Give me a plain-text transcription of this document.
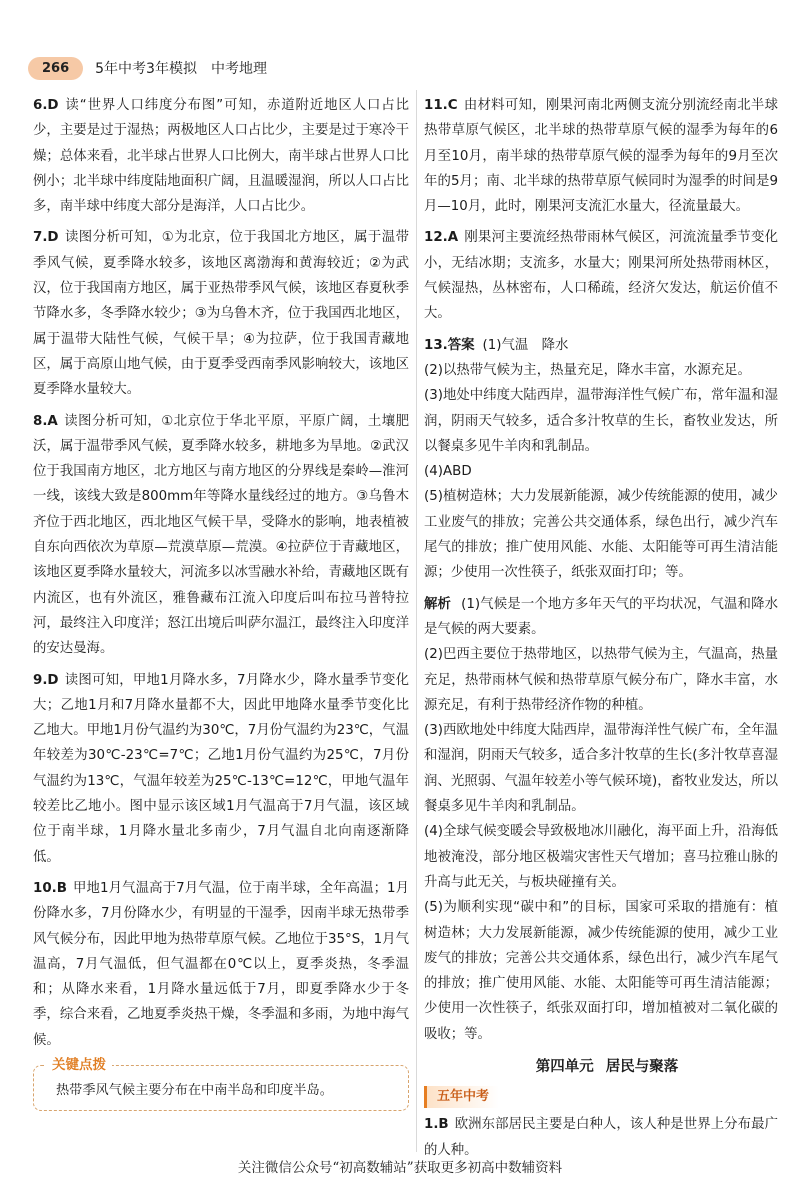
266	5年中考3年模拟 中考地理

6.D 读“世界人口纬度分布图”可知，赤道附近地区人口占比少，主要是过于湿热；两极地区人口占比少，主要是过于寒冷干燥；总体来看，北半球占世界人口比例大，南半球占世界人口比例小；北半球中纬度陆地面积广阔，且温暖湿润，所以人口占比多，南半球中纬度大部分是海洋，人口占比少。

7.D 读图分析可知，①为北京，位于我国北方地区，属于温带季风气候，夏季降水较多，该地区离渤海和黄海较近；②为武汉，位于我国南方地区，属于亚热带季风气候，该地区春夏秋季节降水多，冬季降水较少；③为乌鲁木齐，位于我国西北地区，属于温带大陆性气候，气候干旱；④为拉萨，位于我国青藏地区，属于高原山地气候，由于夏季受西南季风影响较大，该地区夏季降水量较大。

8.A 读图分析可知，①北京位于华北平原，平原广阔，土壤肥沃，属于温带季风气候，夏季降水较多，耕地多为旱地。②武汉位于我国南方地区，北方地区与南方地区的分界线是秦岭—淮河一线，该线大致是800mm年等降水量线经过的地方。③乌鲁木齐位于西北地区，西北地区气候干旱，受降水的影响，地表植被自东向西依次为草原—荒漠草原—荒漠。④拉萨位于青藏地区，该地区夏季降水量较大，河流多以冰雪融水补给，青藏地区既有内流区，也有外流区，雅鲁藏布江流入印度后叫布拉马普特拉河，最终注入印度洋；怒江出境后叫萨尔温江，最终注入印度洋的安达曼海。

9.D 读图可知，甲地1月降水多，7月降水少，降水量季节变化大；乙地1月和7月降水量都不大，因此甲地降水量季节变化比乙地大。甲地1月份气温约为30℃，7月份气温约为23℃，气温年较差为30℃-23℃=7℃；乙地1月份气温约为25℃，7月份气温约为13℃，气温年较差为25℃-13℃=12℃，甲地气温年较差比乙地小。图中显示该区域1月气温高于7月气温，该区域位于南半球，1月降水量北多南少，7月气温自北向南逐渐降低。

10.B 甲地1月气温高于7月气温，位于南半球，全年高温；1月份降水多，7月份降水少，有明显的干湿季，因南半球无热带季风气候分布，因此甲地为热带草原气候。乙地位于35°S，1月气温高，7月气温低，但气温都在0℃以上，夏季炎热，冬季温和；从降水来看，1月降水量远低于7月，即夏季降水少于冬季，综合来看，乙地夏季炎热干燥，冬季温和多雨，为地中海气候。

关键点拨
热带季风气候主要分布在中南半岛和印度半岛。

11.C 由材料可知，刚果河南北两侧支流分别流经南北半球热带草原气候区，北半球的热带草原气候的湿季为每年的6月至10月，南半球的热带草原气候的湿季为每年的9月至次年的5月；南、北半球的热带草原气候同时为湿季的时间是9月—10月，此时，刚果河支流汇水量大，径流量最大。

12.A 刚果河主要流经热带雨林气候区，河流流量季节变化小，无结冰期；支流多，水量大；刚果河所处热带雨林区，气候湿热，丛林密布，人口稀疏，经济欠发达，航运价值不大。

13.答案 (1)气温　降水

(2)以热带气候为主，热量充足，降水丰富，水源充足。

(3)地处中纬度大陆西岸，温带海洋性气候广布，常年温和湿润，阴雨天气较多，适合多汁牧草的生长，畜牧业发达，所以餐桌多见牛羊肉和乳制品。

(4)ABD

(5)植树造林；大力发展新能源，减少传统能源的使用，减少工业废气的排放；完善公共交通体系，绿色出行，减少汽车尾气的排放；推广使用风能、水能、太阳能等可再生清洁能源；少使用一次性筷子，纸张双面打印；等。

解析 (1)气候是一个地方多年天气的平均状况，气温和降水是气候的两大要素。

(2)巴西主要位于热带地区，以热带气候为主，气温高，热量充足，热带雨林气候和热带草原气候分布广，降水丰富，水源充足，有利于热带经济作物的种植。

(3)西欧地处中纬度大陆西岸，温带海洋性气候广布，全年温和湿润，阴雨天气较多，适合多汁牧草的生长(多汁牧草喜湿润、光照弱、气温年较差小等气候环境)，畜牧业发达，所以餐桌多见牛羊肉和乳制品。

(4)全球气候变暖会导致极地冰川融化，海平面上升，沿海低地被淹没，部分地区极端灾害性天气增加；喜马拉雅山脉的升高与此无关，与板块碰撞有关。

(5)为顺利实现“碳中和”的目标，国家可采取的措施有：植树造林；大力发展新能源，减少传统能源的使用，减少工业废气的排放；完善公共交通体系，绿色出行，减少汽车尾气的排放；推广使用风能、水能、太阳能等可再生清洁能源；少使用一次性筷子，纸张双面打印，增加植被对二氧化碳的吸收；等。

第四单元 居民与聚落
五年中考

1.B 欧洲东部居民主要是白种人，该人种是世界上分布最广的人种。

关注微信公众号“初高数辅站”获取更多初高中数辅资料
